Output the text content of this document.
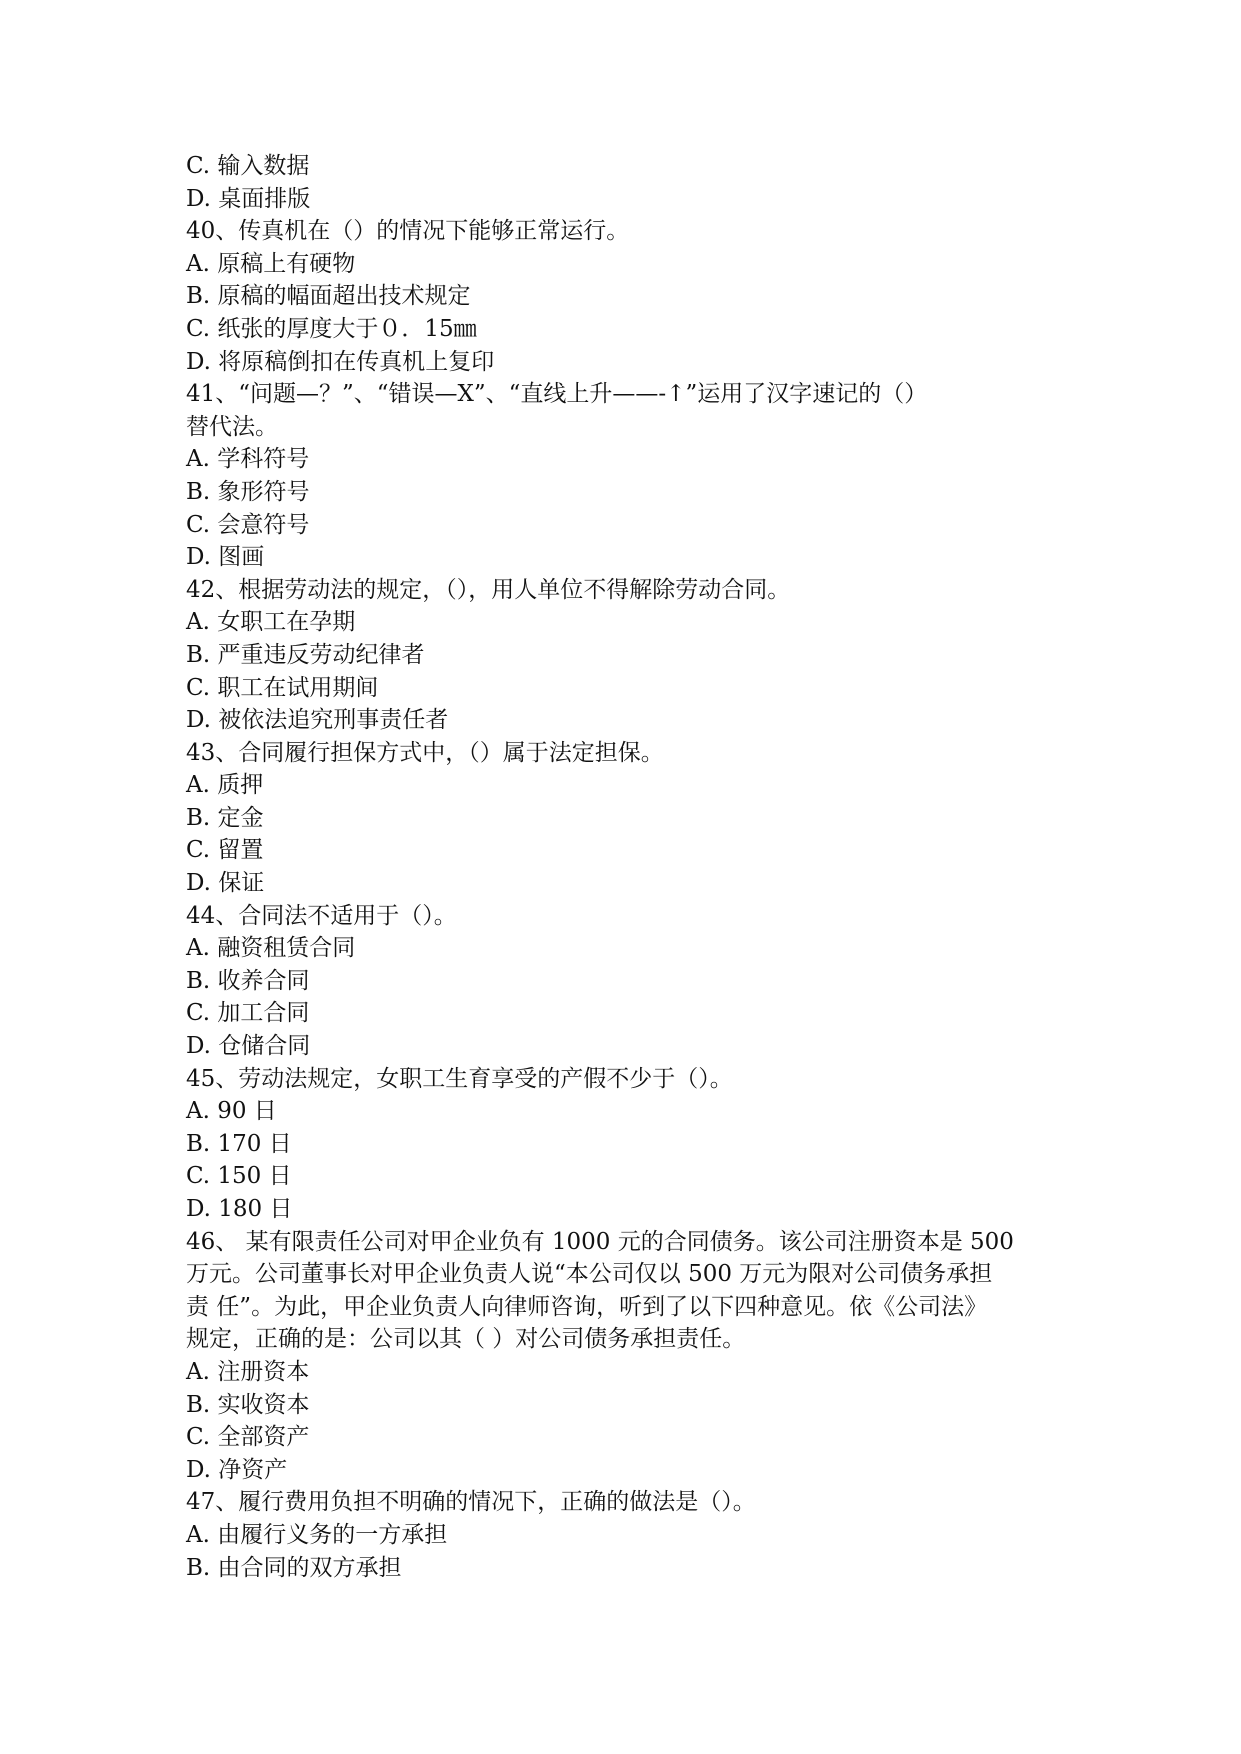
C. 输入数据

D. 桌面排版

40、传真机在（）的情况下能够正常运行。

A. 原稿上有硬物

B. 原稿的幅面超出技术规定

C. 纸张的厚度大于０．15㎜

D. 将原稿倒扣在传真机上复印

41、“问题—？”、“错误—X”、“直线上升——-↑”运用了汉字速记的（）

替代法。

A. 学科符号

B. 象形符号

C. 会意符号

D. 图画

42、根据劳动法的规定，（），用人单位不得解除劳动合同。

A. 女职工在孕期

B. 严重违反劳动纪律者

C. 职工在试用期间

D. 被依法追究刑事责任者

43、合同履行担保方式中，（）属于法定担保。

A. 质押

B. 定金

C. 留置

D. 保证

44、合同法不适用于（）。

A. 融资租赁合同

B. 收养合同

C. 加工合同

D. 仓储合同

45、劳动法规定，女职工生育享受的产假不少于（）。

A. 90 日

B. 170 日

C. 150 日

D. 180 日

46、 某有限责任公司对甲企业负有 1000 元的合同债务。该公司注册资本是 500

万元。公司董事长对甲企业负责人说“本公司仅以 500 万元为限对公司债务承担

责 任”。为此，甲企业负责人向律师咨询，听到了以下四种意见。依《公司法》

规定，正确的是：公司以其（ ）对公司债务承担责任。

A. 注册资本

B. 实收资本

C. 全部资产

D. 净资产

47、履行费用负担不明确的情况下，正确的做法是（）。

A. 由履行义务的一方承担

B. 由合同的双方承担
